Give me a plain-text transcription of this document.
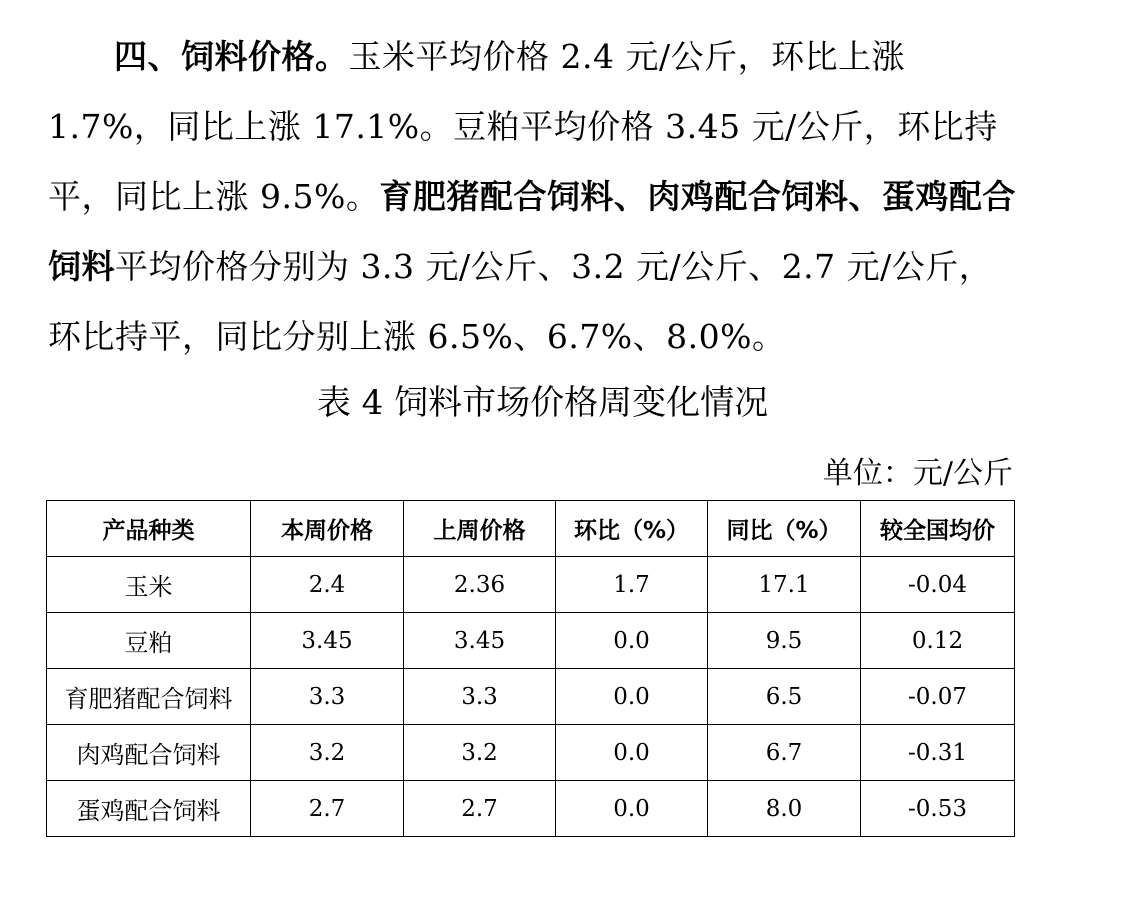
四、饲料价格。玉米平均价格 2.4 元/公斤，环比上涨 1.7%，同比上涨 17.1%。豆粕平均价格 3.45 元/公斤，环比持平，同比上涨 9.5%。育肥猪配合饲料、肉鸡配合饲料、蛋鸡配合饲料平均价格分别为 3.3 元/公斤、3.2 元/公斤、2.7 元/公斤，环比持平，同比分别上涨 6.5%、6.7%、8.0%。

表 4 饲料市场价格周变化情况

单位：元/公斤

产品种类	本周价格	上周价格	环比（%）	同比（%）	较全国均价
玉米	2.4	2.36	1.7	17.1	-0.04
豆粕	3.45	3.45	0.0	9.5	0.12
育肥猪配合饲料	3.3	3.3	0.0	6.5	-0.07
肉鸡配合饲料	3.2	3.2	0.0	6.7	-0.31
蛋鸡配合饲料	2.7	2.7	0.0	8.0	-0.53
